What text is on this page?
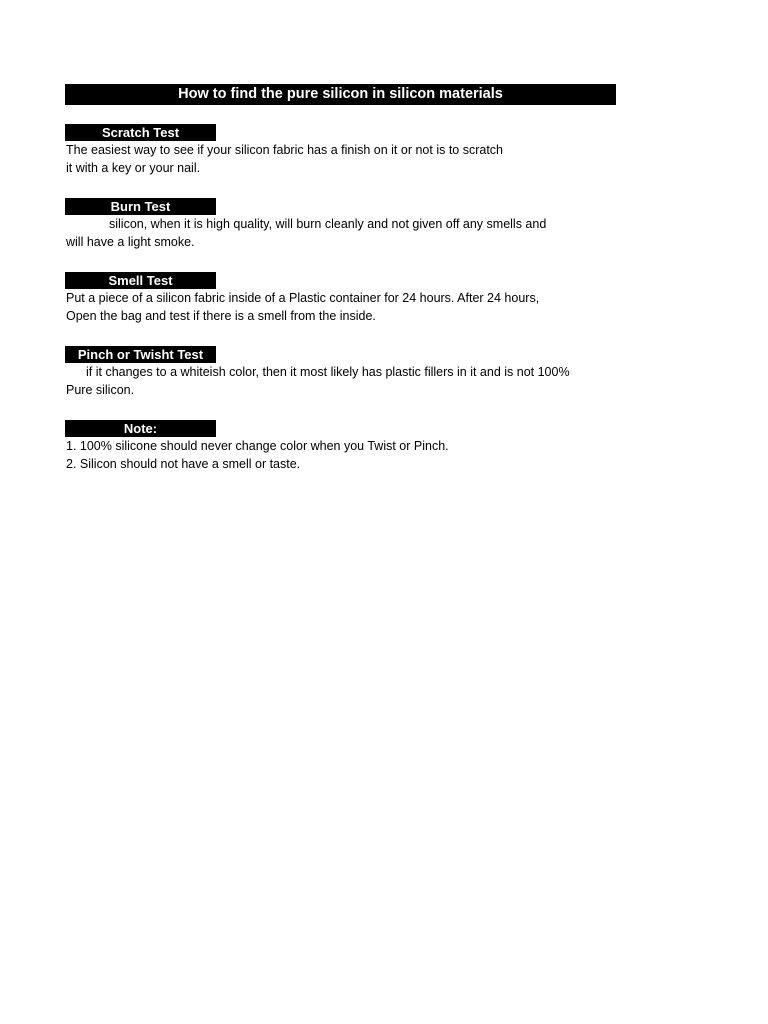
How to find the pure silicon in silicon materials
Scratch Test
The easiest way to see if your silicon fabric has a finish on it or not is to scratch
it with a key or your nail.
Burn Test
silicon, when it is high quality, will burn cleanly and not given off any smells and
will have a light smoke.
Smell Test
Put a piece of a silicon fabric inside of a Plastic container for 24 hours. After 24 hours,
Open the bag and test if there is a smell from the inside.
Pinch or Twisht Test
if it changes to a whiteish color, then it most likely has plastic fillers in it and is not 100%
Pure silicon.
Note:
1. 100% silicone should never change color when you Twist or Pinch.
2. Silicon should not have a smell or taste.
